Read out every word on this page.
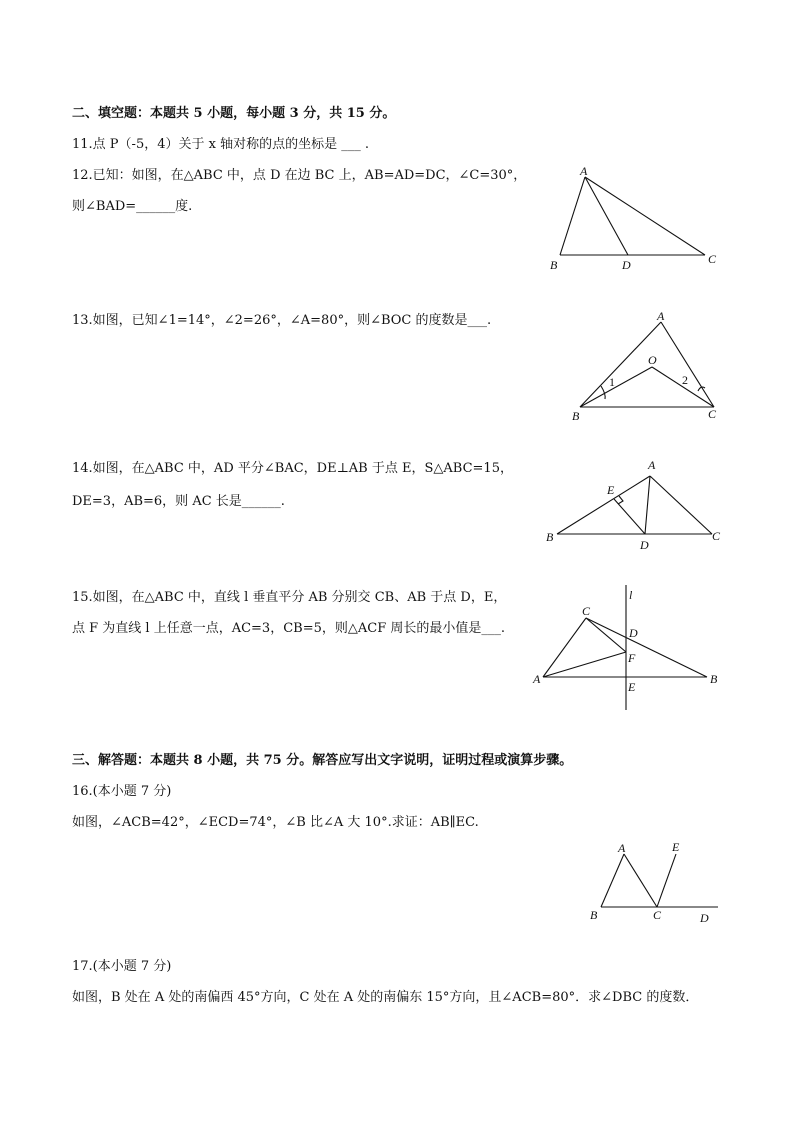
二、填空题：本题共 5 小题，每小题 3 分，共 15 分。
11.点 P（-5，4）关于 x 轴对称的点的坐标是 ___ .
12.已知：如图，在△ABC 中，点 D 在边 BC 上，AB=AD=DC，∠C=30°，
则∠BAD=______度.
A
B	D	C
13.如图，已知∠1=14°，∠2=26°，∠A=80°，则∠BOC 的度数是___.	A
O
1	2
B	C
14.如图，在△ABC 中，AD 平分∠BAC，DE⊥AB 于点 E，S△ABC=15，
DE=3，AB=6，则 AC 长是______.
A
E
B
D
C
15.如图，在△ABC 中，直线 l 垂直平分 AB 分别交 CB、AB 于点 D，E，
点 F 为直线 l 上任意一点，AC=3，CB=5，则△ACF 周长的最小值是___.
l
C
D
F
A
E
B
三、解答题：本题共 8 小题，共 75 分。解答应写出文字说明，证明过程或演算步骤。
16.(本小题 7 分)
如图，∠ACB=42°，∠ECD=74°，∠B 比∠A 大 10°.求证：AB∥EC.
A	E
B	C	D
17.(本小题 7 分)
如图，B 处在 A 处的南偏西 45°方向，C 处在 A 处的南偏东 15°方向，且∠ACB=80°．求∠DBC 的度数．
